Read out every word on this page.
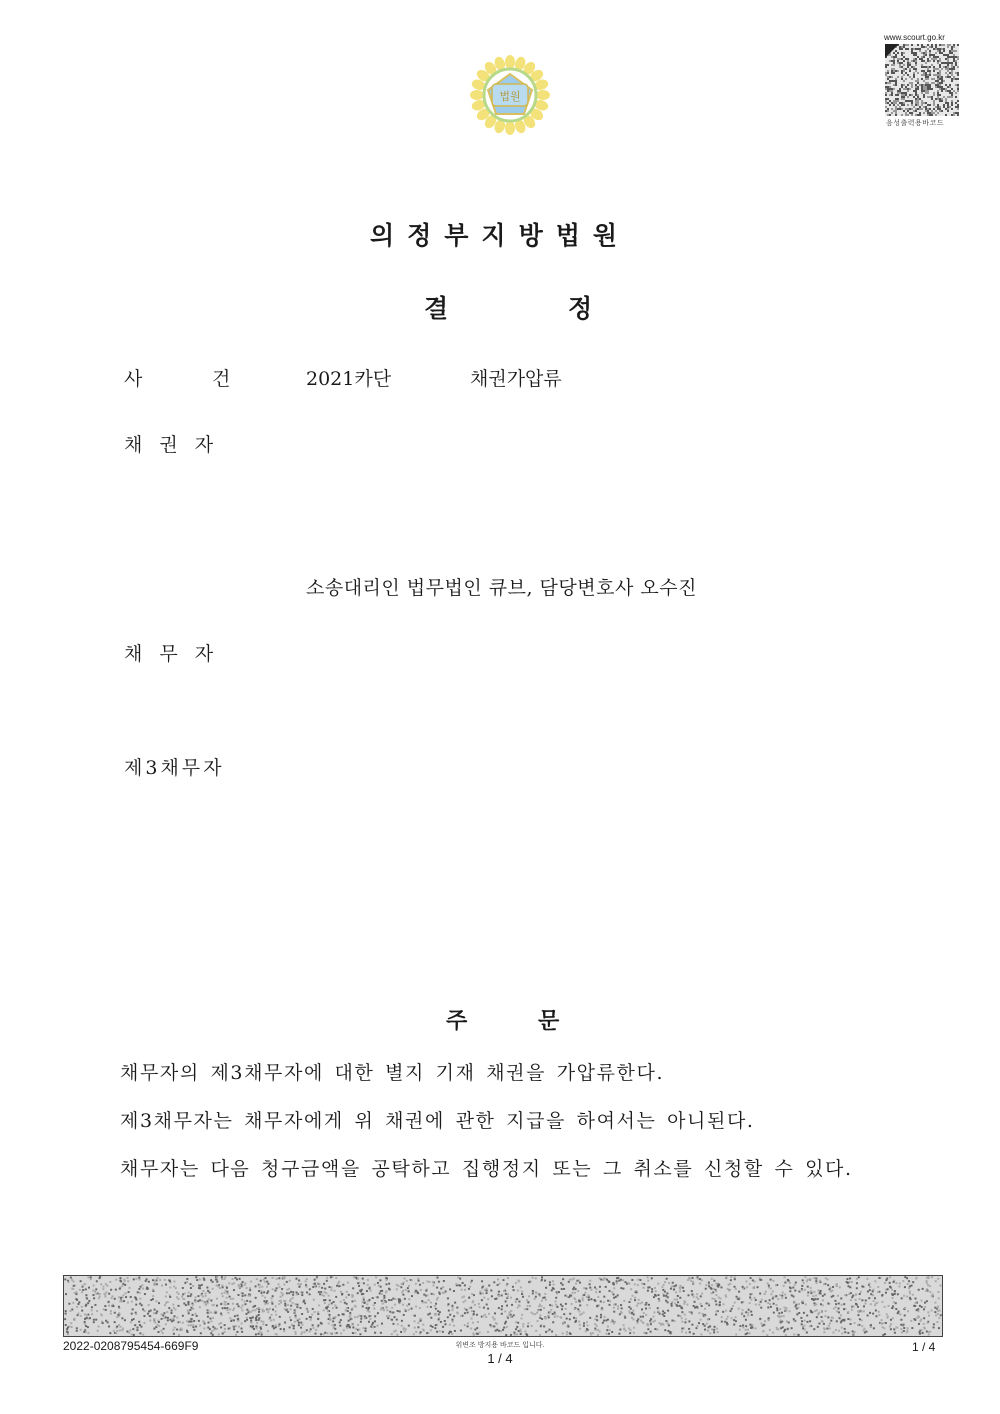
법원
www.scourt.go.kr
음성출력용바코드
의정부지방법원
결	정
사	건	2021카단	채권가압류
채권자
소송대리인 법무법인 큐브, 담당변호사 오수진
채무자
제3채무자
주	문
채무자의 제3채무자에 대한 별지 기재 채권을 가압류한다.
제3채무자는 채무자에게 위 채권에 관한 지급을 하여서는 아니된다.
채무자는 다음 청구금액을 공탁하고 집행정지 또는 그 취소를 신청할 수 있다.
2022-0208795454-669F9	위변조 방지용 바코드 입니다.
1 / 4
1 / 4
